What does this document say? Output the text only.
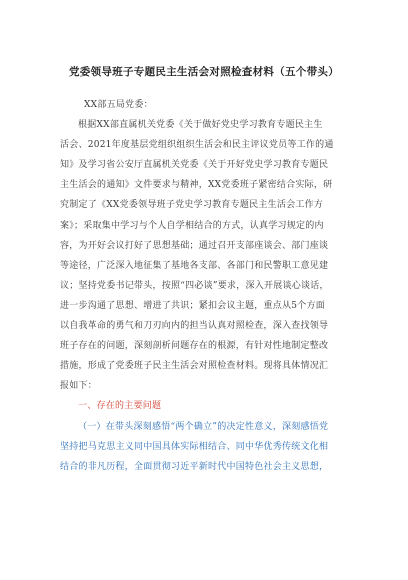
党委领导班子专题民主生活会对照检查材料（五个带头）
XX部五局党委：
根据XX部直属机关党委《关于做好党史学习教育专题民主生
活会、2021年度基层党组织组织生活会和民主评议党员等工作的通
知》及学习省公安厅直属机关党委《关于开好党史学习教育专题民
主生活会的通知》文件要求与精神，XX党委班子紧密结合实际，研
究制定了《XX党委领导班子党史学习教育专题民主生活会工作方
案》；采取集中学习与个人自学相结合的方式，认真学习规定的内
容，为开好会议打好了思想基础；通过召开支部座谈会、部门座谈
等途径，广泛深入地征集了基地各支部、各部门和民警职工意见建
议；坚持党委书记带头，按照“四必谈”要求，深入开展谈心谈话，
进一步沟通了思想、增进了共识；紧扣会议主题，重点从5个方面
以自我革命的勇气和刀刃向内的担当认真对照检查，深入查找领导
班子存在的问题，深刻剖析问题存在的根源，有针对性地制定整改
措施，形成了党委班子民主生活会对照检查材料。现将具体情况汇
报如下：
一、存在的主要问题
（一）在带头深刻感悟“两个确立”的决定性意义，深刻感悟党
坚持把马克思主义同中国具体实际相结合、同中华优秀传统文化相
结合的非凡历程，全面贯彻习近平新时代中国特色社会主义思想，
